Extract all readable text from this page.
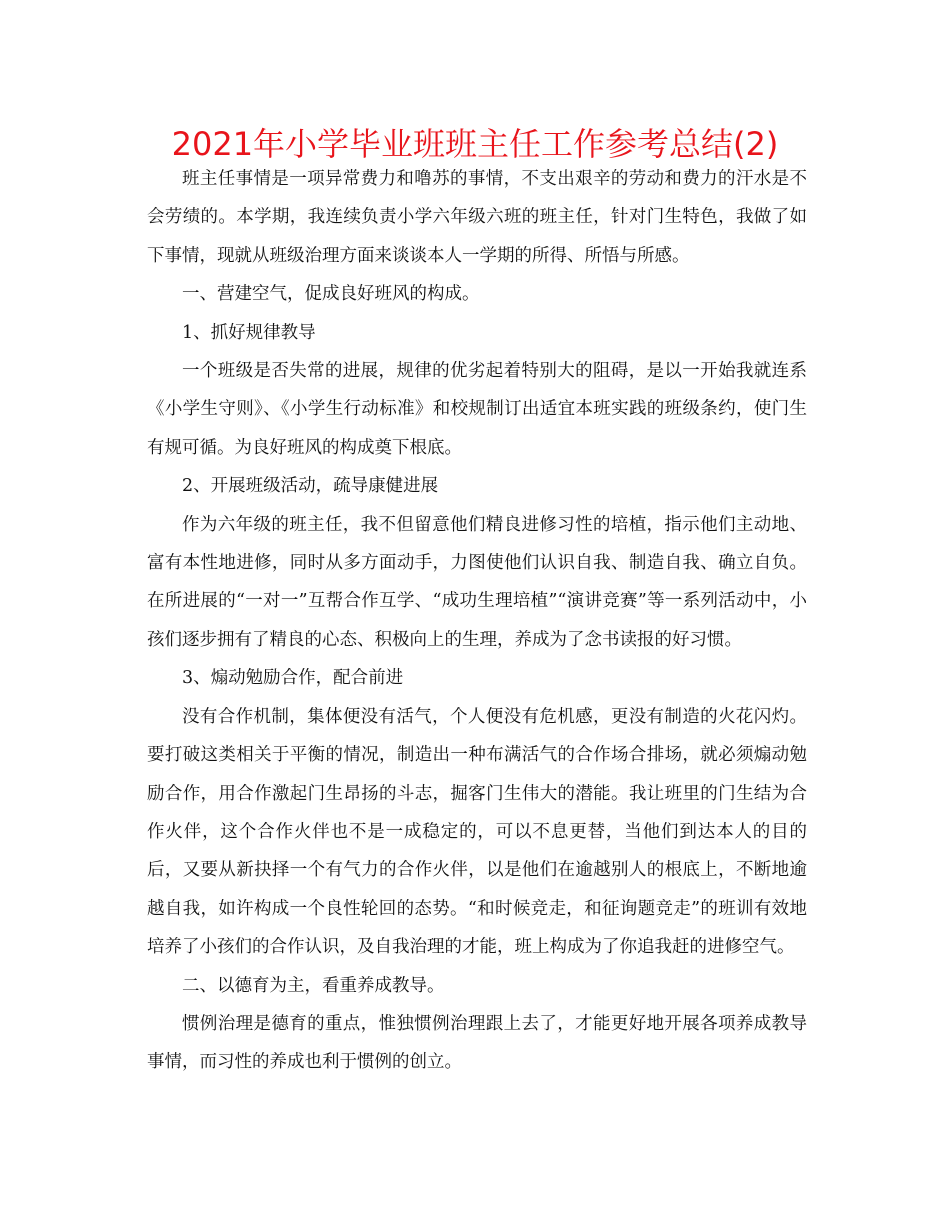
2021年小学毕业班班主任工作参考总结(2)

班主任事情是一项异常费力和噜苏的事情，不支出艰辛的劳动和费力的汗水是不会劳绩的。本学期，我连续负责小学六年级六班的班主任，针对门生特色，我做了如下事情，现就从班级治理方面来谈谈本人一学期的所得、所悟与所感。

一、营建空气，促成良好班风的构成。

1、抓好规律教导

一个班级是否失常的进展，规律的优劣起着特别大的阻碍，是以一开始我就连系《小学生守则》、《小学生行动标准》和校规制订出适宜本班实践的班级条约，使门生有规可循。为良好班风的构成奠下根底。

2、开展班级活动，疏导康健进展

作为六年级的班主任，我不但留意他们精良进修习性的培植，指示他们主动地、富有本性地进修，同时从多方面动手，力图使他们认识自我、制造自我、确立自负。在所进展的“一对一”互帮合作互学、“成功生理培植”“演讲竞赛”等一系列活动中，小孩们逐步拥有了精良的心态、积极向上的生理，养成为了念书读报的好习惯。

3、煽动勉励合作，配合前进

没有合作机制，集体便没有活气，个人便没有危机感，更没有制造的火花闪灼。要打破这类相关于平衡的情况，制造出一种布满活气的合作场合排场，就必须煽动勉励合作，用合作激起门生昂扬的斗志，掘客门生伟大的潜能。我让班里的门生结为合作火伴，这个合作火伴也不是一成稳定的，可以不息更替，当他们到达本人的目的后，又要从新抉择一个有气力的合作火伴，以是他们在逾越别人的根底上，不断地逾越自我，如许构成一个良性轮回的态势。“和时候竞走，和征询题竞走”的班训有效地培养了小孩们的合作认识，及自我治理的才能，班上构成为了你追我赶的进修空气。

二、以德育为主，看重养成教导。

惯例治理是德育的重点，惟独惯例治理跟上去了，才能更好地开展各项养成教导事情，而习性的养成也利于惯例的创立。
